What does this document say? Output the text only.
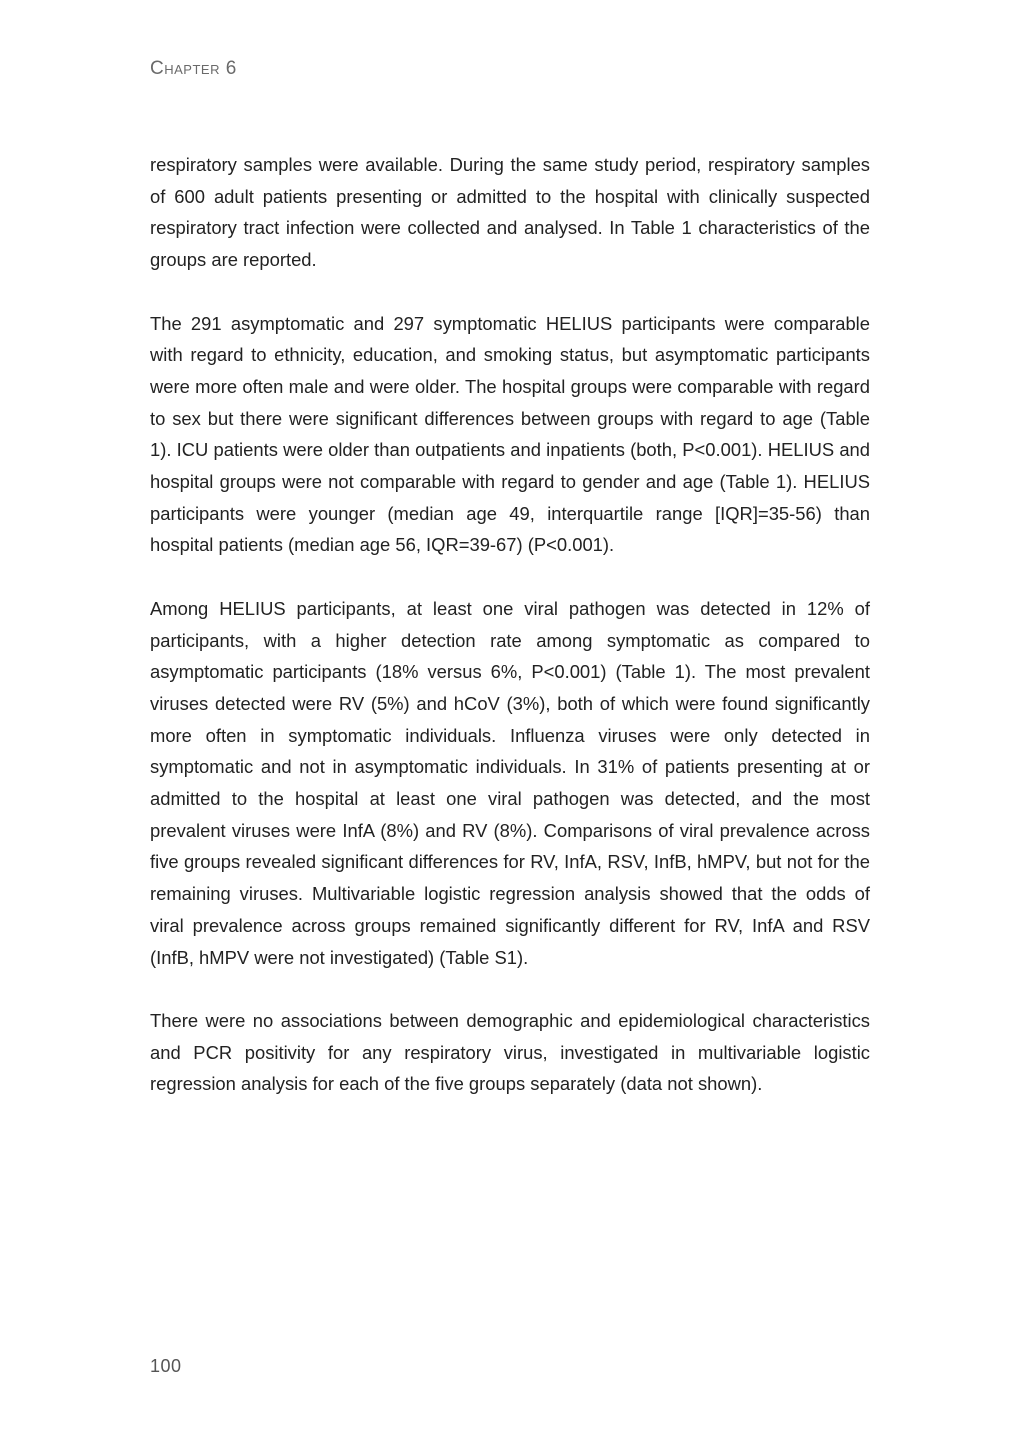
Chapter 6

respiratory samples were available. During the same study period, respiratory samples of 600 adult patients presenting or admitted to the hospital with clinically suspected respiratory tract infection were collected and analysed. In Table 1 characteristics of the groups are reported.

The 291 asymptomatic and 297 symptomatic HELIUS participants were comparable with regard to ethnicity, education, and smoking status, but asymptomatic participants were more often male and were older. The hospital groups were comparable with regard to sex but there were significant differences between groups with regard to age (Table 1). ICU patients were older than outpatients and inpatients (both, P<0.001). HELIUS and hospital groups were not comparable with regard to gender and age (Table 1). HELIUS participants were younger (median age 49, interquartile range [IQR]=35-56) than hospital patients (median age 56, IQR=39-67) (P<0.001).

Among HELIUS participants, at least one viral pathogen was detected in 12% of participants, with a higher detection rate among symptomatic as compared to asymptomatic participants (18% versus 6%, P<0.001) (Table 1). The most prevalent viruses detected were RV (5%) and hCoV (3%), both of which were found significantly more often in symptomatic individuals. Influenza viruses were only detected in symptomatic and not in asymptomatic individuals. In 31% of patients presenting at or admitted to the hospital at least one viral pathogen was detected, and the most prevalent viruses were InfA (8%) and RV (8%). Comparisons of viral prevalence across five groups revealed significant differences for RV, InfA, RSV, InfB, hMPV, but not for the remaining viruses. Multivariable logistic regression analysis showed that the odds of viral prevalence across groups remained significantly different for RV, InfA and RSV (InfB, hMPV were not investigated) (Table S1).

There were no associations between demographic and epidemiological characteristics and PCR positivity for any respiratory virus, investigated in multivariable logistic regression analysis for each of the five groups separately (data not shown).

100
